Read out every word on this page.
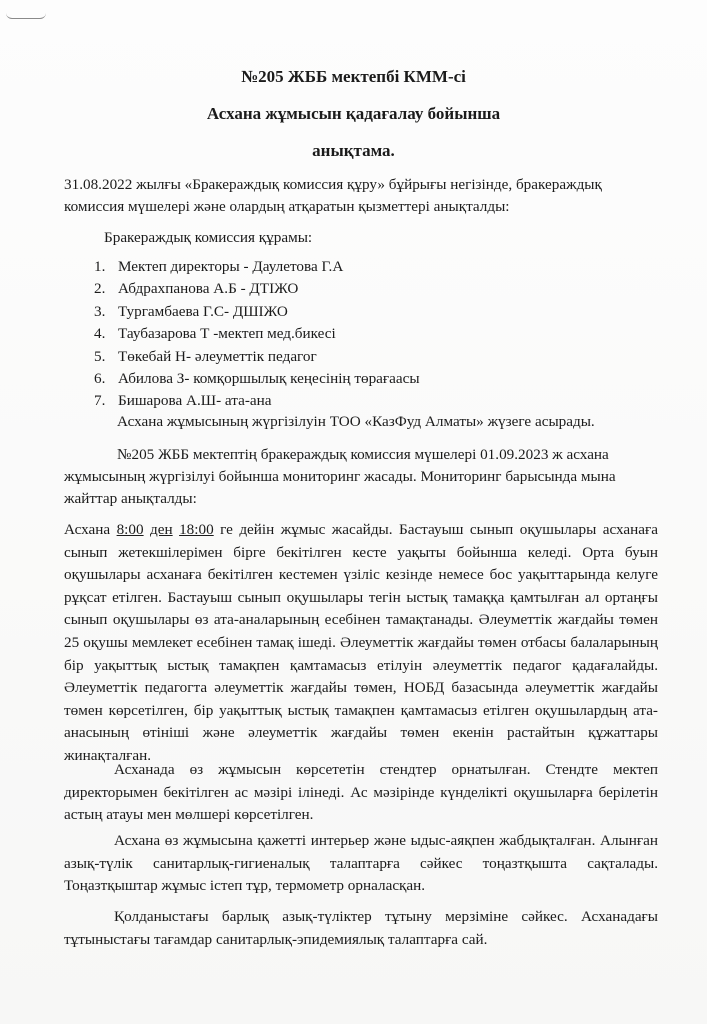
№205 ЖББ мектепбі КММ-сі
Асхана жұмысын қадағалау бойынша
анықтама.
31.08.2022 жылғы «Бракераждық комиссия құру» бұйрығы негізінде, бракераждық
комиссия мүшелері және олардың атқаратын қызметтері анықталды:
Бракераждық комиссия құрамы:
1. Мектеп директоры - Даулетова Г.А
2. Абдрахпанова А.Б - ДТІЖО
3. Тургамбаева Г.С- ДШІЖО
4. Таубазарова Т -мектеп мед.бикесі
5. Төкебай Н- әлеуметтік педагог
6. Абилова З- комқоршылық кеңесінің төрағаасы
7. Бишарова А.Ш- ата-ана
Асхана жұмысының жүргізілуін ТОО «КазФуд Алматы» жүзеге асырады.
№205 ЖББ мектептің бракераждық комиссия мүшелері 01.09.2023 ж асхана
жұмысының жүргізілуі бойынша мониторинг жасады. Мониторинг барысында мына
жайттар анықталды:
Асхана 8:00 ден 18:00 ге дейін жұмыс жасайды. Бастауыш сынып оқушылары асханаға сынып жетекшілерімен бірге бекітілген кесте уақыты бойынша келеді. Орта буын оқушылары асханаға бекітілген кестемен үзіліс кезінде немесе бос уақыттарында келуге рұқсат етілген. Бастауыш сынып оқушылары тегін ыстық тамаққа қамтылған ал ортаңғы сынып оқушылары өз ата-аналарының есебінен тамақтанады. Әлеуметтік жағдайы төмен 25 оқушы мемлекет есебінен тамақ ішеді. Әлеуметтік жағдайы төмен отбасы балаларының бір уақыттық ыстық тамақпен қамтамасыз етілуін әлеуметтік педагог қадағалайды. Әлеуметтік педагогта әлеуметтік жағдайы төмен, НОБД базасында әлеуметтік жағдайы төмен көрсетілген, бір уақыттық ыстық тамақпен қамтамасыз етілген оқушылардың ата-анасының өтініші және әлеуметтік жағдайы төмен екенін растайтын құжаттары жинақталған.
Асханада өз жұмысын көрсететін стендтер орнатылған. Стендте мектеп директорымен бекітілген ас мәзірі ілінеді. Ас мәзірінде күнделікті оқушыларға берілетін астың атауы мен мөлшері көрсетілген.
Асхана өз жұмысына қажетті интерьер және ыдыс-аяқпен жабдықталған. Алынған азық-түлік санитарлық-гигиеналық талаптарға сәйкес тоңазтқышта сақталады. Тоңазтқыштар жұмыс істеп тұр, термометр орналасқан.
Қолданыстағы барлық азық-түліктер тұтыну мерзіміне сәйкес. Асханадағы тұтыныстағы тағамдар санитарлық-эпидемиялық талаптарға сай.
